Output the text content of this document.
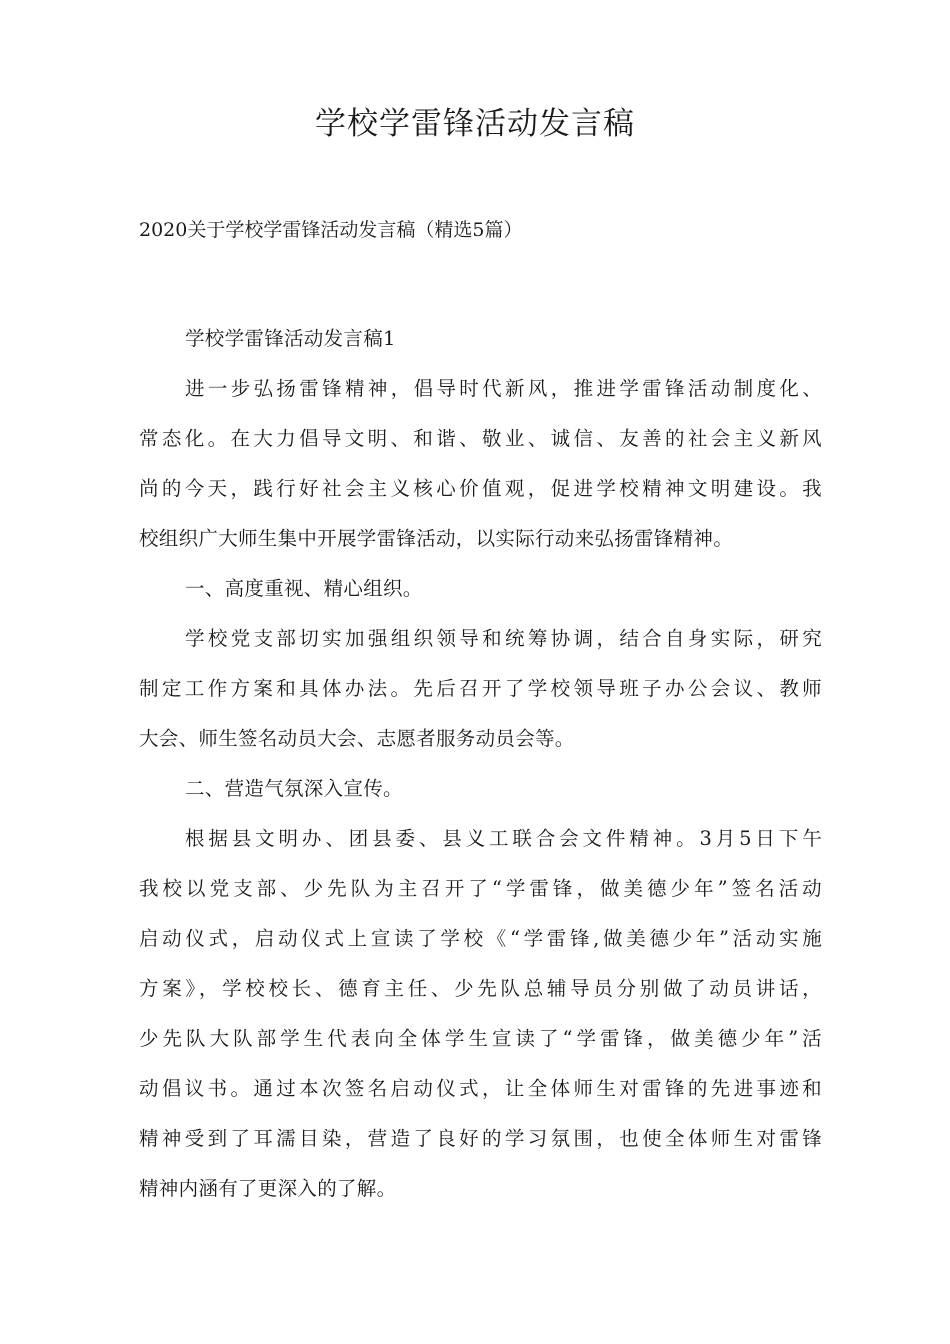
学校学雷锋活动发言稿

2020关于学校学雷锋活动发言稿（精选5篇）

学校学雷锋活动发言稿1
进一步弘扬雷锋精神，倡导时代新风，推进学雷锋活动制度化、
常态化。在大力倡导文明、和谐、敬业、诚信、友善的社会主义新风
尚的今天，践行好社会主义核心价值观，促进学校精神文明建设。我
校组织广大师生集中开展学雷锋活动，以实际行动来弘扬雷锋精神。
一、高度重视、精心组织。
学校党支部切实加强组织领导和统筹协调，结合自身实际，研究
制定工作方案和具体办法。先后召开了学校领导班子办公会议、教师
大会、师生签名动员大会、志愿者服务动员会等。
二、营造气氛深入宣传。
根据县文明办、团县委、县义工联合会文件精神。3月5日下午
我校以党支部、少先队为主召开了“学雷锋，做美德少年”签名活动
启动仪式，启动仪式上宣读了学校《“学雷锋,做美德少年”活动实施
方案》，学校校长、德育主任、少先队总辅导员分别做了动员讲话，
少先队大队部学生代表向全体学生宣读了“学雷锋，做美德少年”活
动倡议书。通过本次签名启动仪式，让全体师生对雷锋的先进事迹和
精神受到了耳濡目染，营造了良好的学习氛围，也使全体师生对雷锋
精神内涵有了更深入的了解。
